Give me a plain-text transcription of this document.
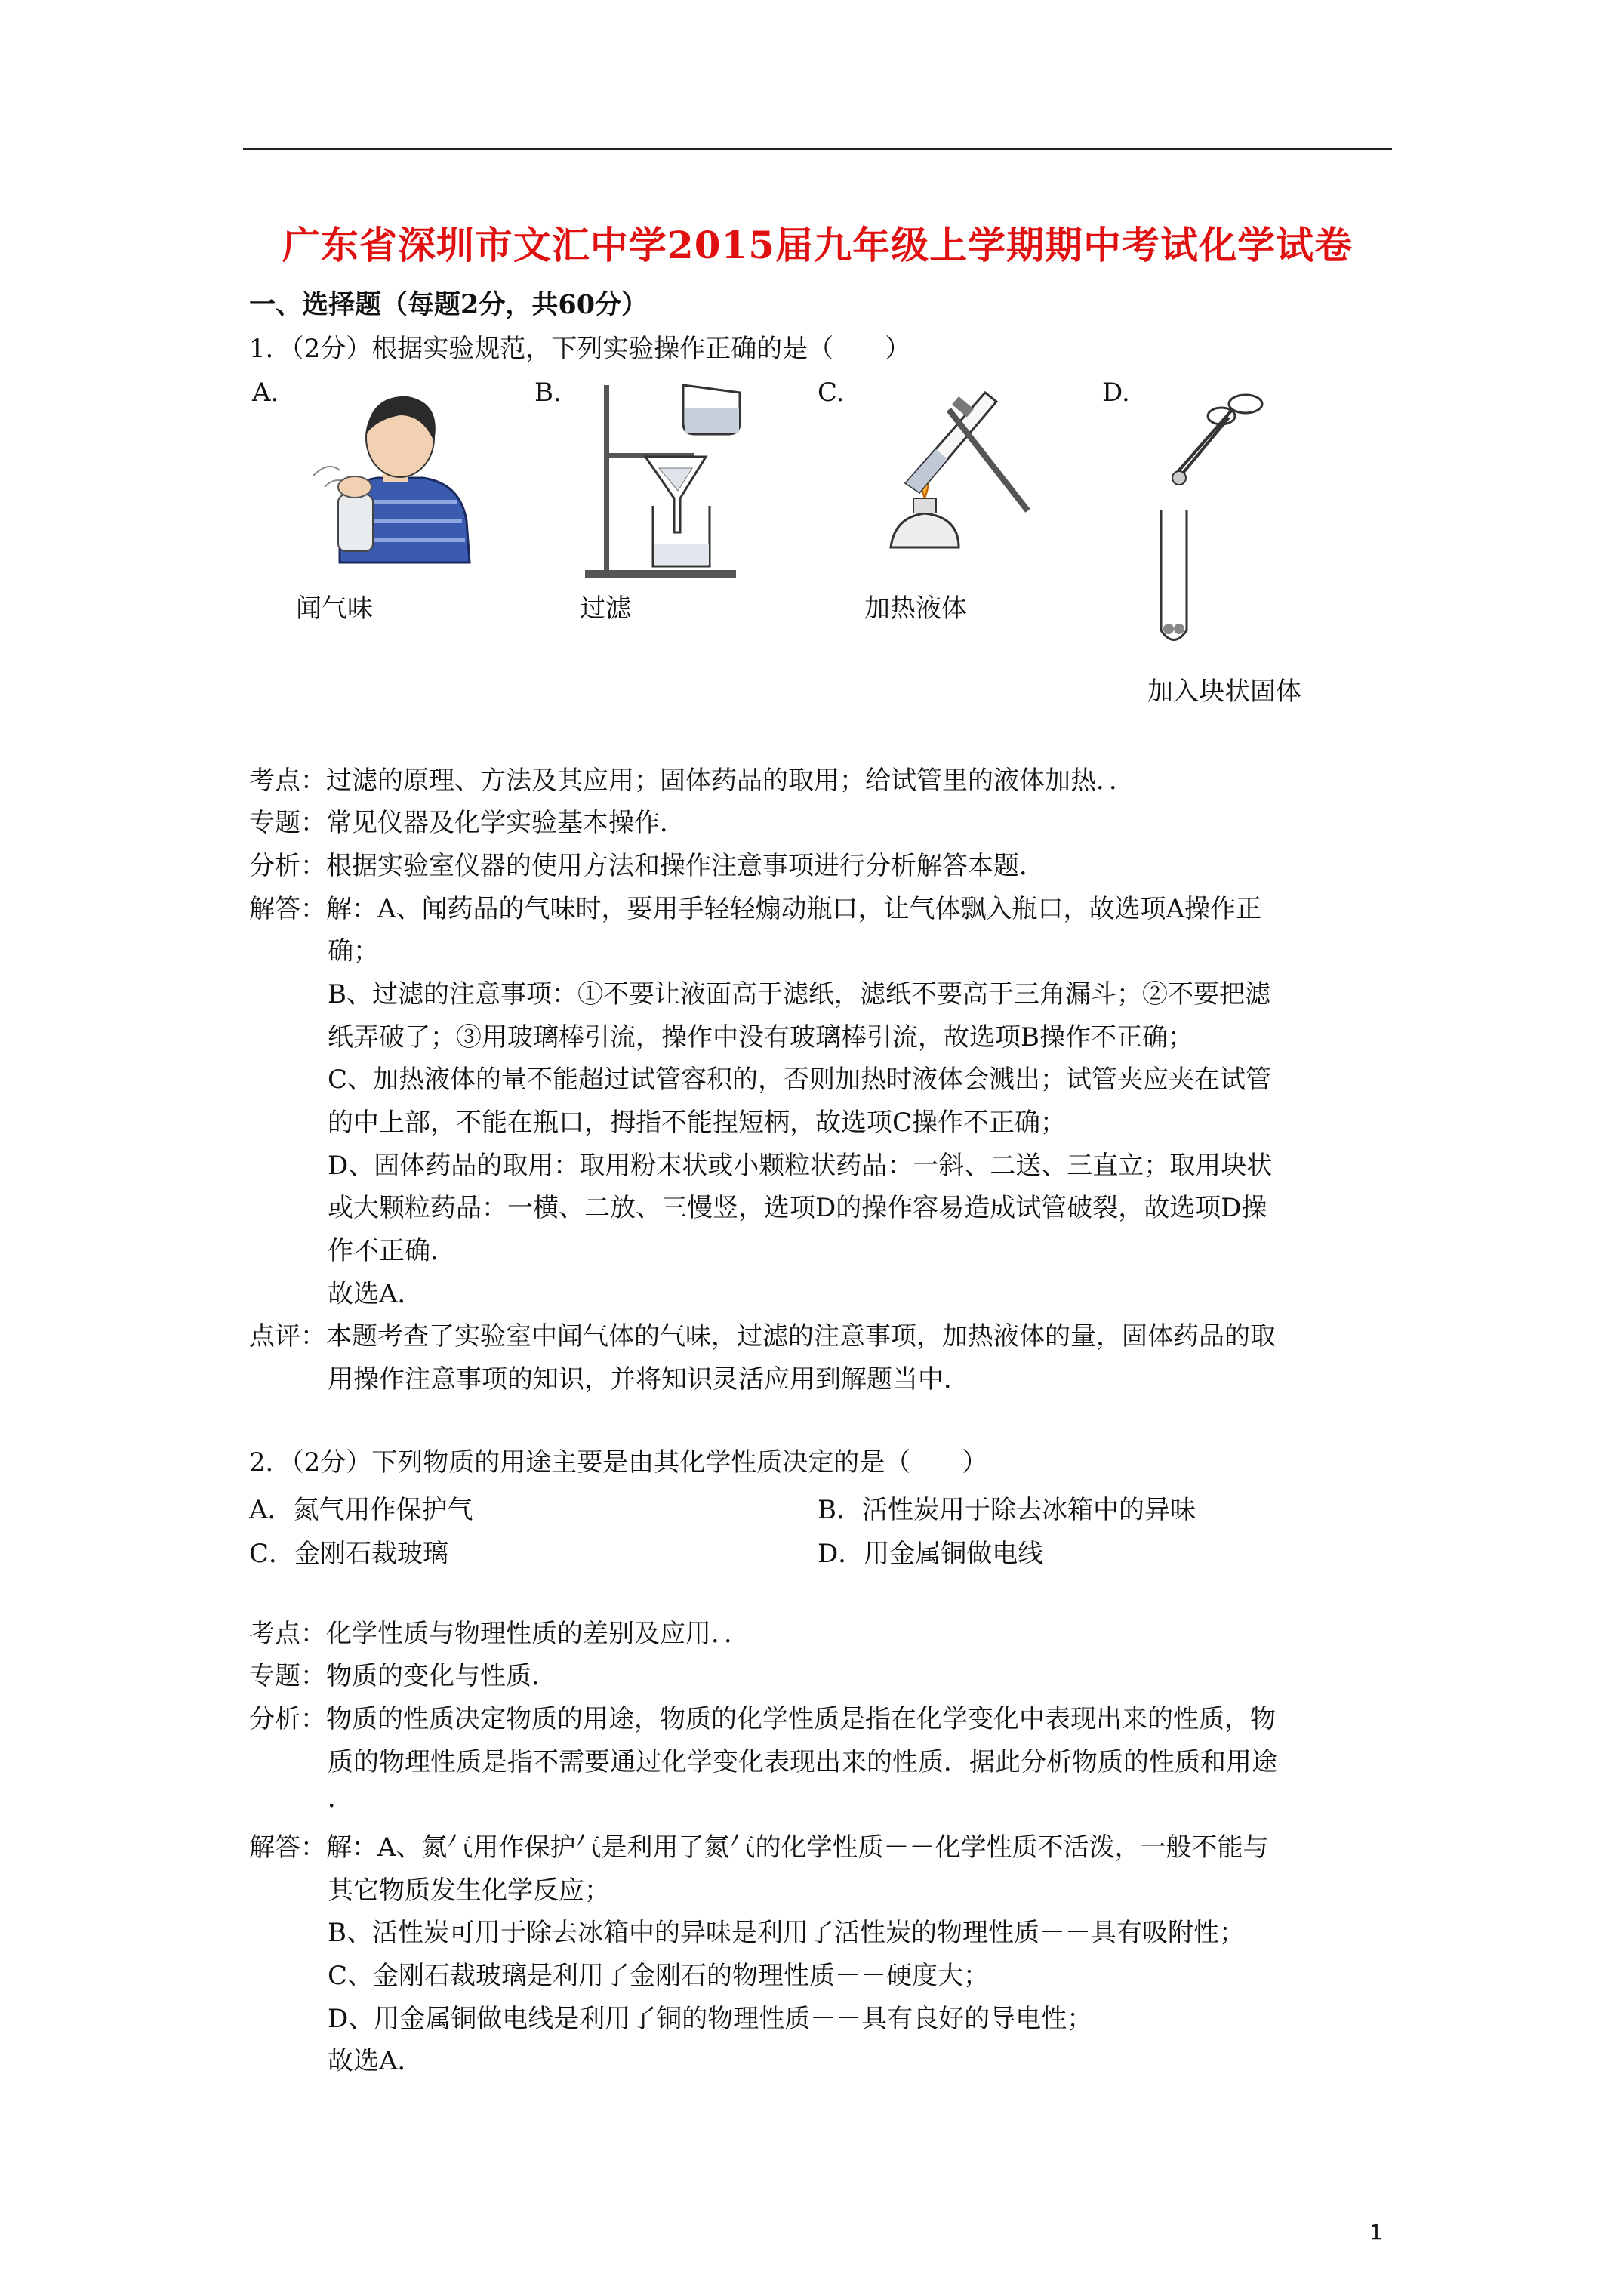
广东省深圳市文汇中学2015届九年级上学期期中考试化学试卷
一、选择题（每题2分，共60分）
1．（2分）根据实验规范，下列实验操作正确的是（　　）
A.	B.	C.	D.
闻气味	过滤	加热液体
加入块状固体
考点：过滤的原理、方法及其应用；固体药品的取用；给试管里的液体加热．．
专题：常见仪器及化学实验基本操作．
分析：根据实验室仪器的使用方法和操作注意事项进行分析解答本题．
解答：解：A、闻药品的气味时，要用手轻轻煽动瓶口，让气体飘入瓶口，故选项A操作正
确；
B、过滤的注意事项：①不要让液面高于滤纸，滤纸不要高于三角漏斗；②不要把滤
纸弄破了；③用玻璃棒引流，操作中没有玻璃棒引流，故选项B操作不正确；
C、加热液体的量不能超过试管容积的，否则加热时液体会溅出；试管夹应夹在试管
的中上部，不能在瓶口，拇指不能捏短柄，故选项C操作不正确；
D、固体药品的取用：取用粉末状或小颗粒状药品：一斜、二送、三直立；取用块状
或大颗粒药品：一横、二放、三慢竖，选项D的操作容易造成试管破裂，故选项D操
作不正确．
故选A．
点评：本题考查了实验室中闻气体的气味，过滤的注意事项，加热液体的量，固体药品的取
用操作注意事项的知识，并将知识灵活应用到解题当中．
2．（2分）下列物质的用途主要是由其化学性质决定的是（　　）
A．氮气用作保护气	B．活性炭用于除去冰箱中的异味
C．金刚石裁玻璃	D．用金属铜做电线
考点：化学性质与物理性质的差别及应用．．
专题：物质的变化与性质．
分析：物质的性质决定物质的用途，物质的化学性质是指在化学变化中表现出来的性质，物
质的物理性质是指不需要通过化学变化表现出来的性质．据此分析物质的性质和用途
．
解答：解：A、氮气用作保护气是利用了氮气的化学性质－－化学性质不活泼，一般不能与
其它物质发生化学反应；
B、活性炭可用于除去冰箱中的异味是利用了活性炭的物理性质－－具有吸附性；
C、金刚石裁玻璃是利用了金刚石的物理性质－－硬度大；
D、用金属铜做电线是利用了铜的物理性质－－具有良好的导电性；
故选A．
1
